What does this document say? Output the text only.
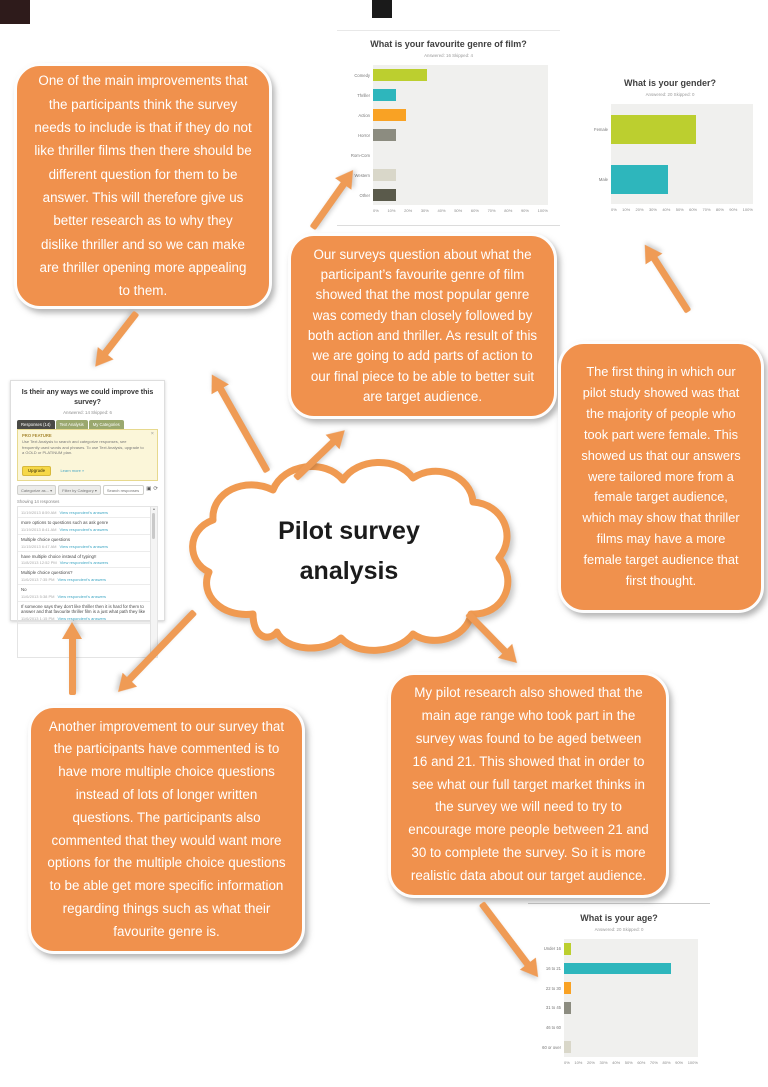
What is your favourite genre of film?
Answered: 16 Skipped: 4
Comedy
Thriller
Action
Horror
Rom-Com
Western
Other
0% 10% 20% 30% 40% 50% 60% 70% 80% 90% 100%
What is your gender?
Answered: 20 Skipped: 0
Female
Male
0% 10% 20% 30% 40% 50% 60% 70% 80% 90% 100%
What is your age?
Answered: 20 Skipped: 0
Under 16
16 to 21
22 to 30
31 to 45
46 to 60
60 or over
0% 10% 20% 30% 40% 50% 60% 70% 80% 90% 100%

One of the main improvements that the participants think the survey needs to include is that if they do not like thriller films then there should be different question for them to be answer. This will therefore give us better research as to why they dislike thriller and so we can make are thriller opening more appealing to them.

Our surveys question about what the participant’s favourite genre of film showed that the most popular genre was comedy than closely followed by both action and thriller. As result of this we are going to add parts of action to our final piece to be able to better suit are target audience.

The first thing in which our pilot study showed was that the majority of people who took part were female. This showed us that our answers were tailored more from a female target audience, which may show that thriller films may have a more female target audience that first thought.

Another improvement to our survey that the participants have commented is to have more multiple choice questions instead of lots of longer written questions. The participants also commented that they would want more options for the multiple choice questions to be able get more specific information regarding things such as what their favourite genre is.

My pilot research also showed that the main age range who took part in the survey was found to be aged between 16 and 21. This showed that in order to see what our full target market thinks in the survey we will need to try to encourage more people between 21 and 30 to complete the survey. So it is more realistic data about our target audience.

Pilot survey
analysis
Is their any ways we could improve this survey?
Answered: 14 Skipped: 6
Responses (14)	Text Analysis	My Categories
PRO FEATURE
Use Text Analysis to search and categorize responses, see frequently used words and phrases. To use Text Analysis, upgrade to a GOLD or PLATINUM plan.
Upgrade	Learn more »
×
Categorize as... ▾	Filter by Category ▾
Search responses	▣ ⟳
Showing 14 responses
11/19/2013 8:59 AM View respondent's answers
more options to questions such as ask genre
11/19/2013 8:41 AM View respondent's answers
Multiple choice questions
11/15/2013 6:47 AM View respondent's answers
have multiple choice instead of typing!!
11/8/2013 12:52 PM View respondent's answers
Multiple choice questions?
11/6/2013 7:35 PM View respondent's answers
No
11/6/2013 5:38 PM View respondent's answers
If someone says they don't like thriller then it is hard for them to answer and that favourite thriller film is a just what path they like
11/6/2013 1:15 PM View respondent's answers
▲
